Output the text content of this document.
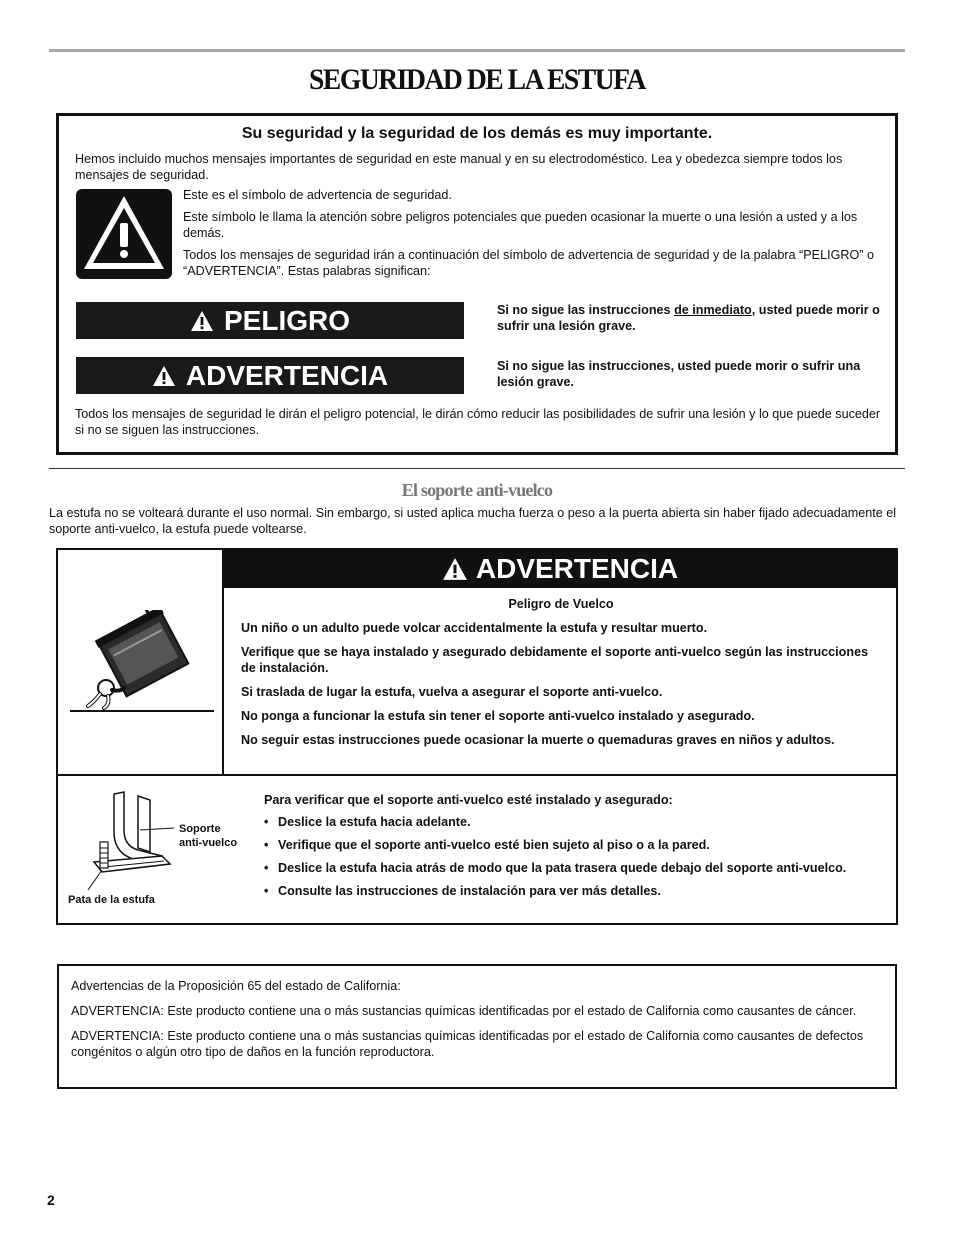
SEGURIDAD DE LA ESTUFA
Su seguridad y la seguridad de los demás es muy importante.
Hemos incluido muchos mensajes importantes de seguridad en este manual y en su electrodoméstico. Lea y obedezca siempre todos los mensajes de seguridad.

Este es el símbolo de advertencia de seguridad.

Este símbolo le llama la atención sobre peligros potenciales que pueden ocasionar la muerte o una lesión a usted y a los demás.

Todos los mensajes de seguridad irán a continuación del símbolo de advertencia de seguridad y de la palabra “PELIGRO” o “ADVERTENCIA”. Estas palabras significan:

PELIGRO	Si no sigue las instrucciones de inmediato, usted puede morir o sufrir una lesión grave.
ADVERTENCIA	Si no sigue las instrucciones, usted puede morir o sufrir una lesión grave.
Todos los mensajes de seguridad le dirán el peligro potencial, le dirán cómo reducir las posibilidades de sufrir una lesión y lo que puede suceder si no se siguen las instrucciones.
El soporte anti-vuelco
La estufa no se volteará durante el uso normal. Sin embargo, si usted aplica mucha fuerza o peso a la puerta abierta sin haber fijado adecuadamente el soporte anti-vuelco, la estufa puede voltearse.
ADVERTENCIA

Peligro de Vuelco

Un niño o un adulto puede volcar accidentalmente la estufa y resultar muerto.

Verifique que se haya instalado y asegurado debidamente el soporte anti-vuelco según las instrucciones de instalación.

Si traslada de lugar la estufa, vuelva a asegurar el soporte anti-vuelco.

No ponga a funcionar la estufa sin tener el soporte anti-vuelco instalado y asegurado.

No seguir estas instrucciones puede ocasionar la muerte o quemaduras graves en niños y adultos.

Soporte
anti-vuelco
Pata de la estufa

Para verificar que el soporte anti-vuelco esté instalado y asegurado:

• Deslice la estufa hacia adelante.
• Verifique que el soporte anti-vuelco esté bien sujeto al piso o a la pared.
• Deslice la estufa hacia atrás de modo que la pata trasera quede debajo del soporte anti-vuelco.
• Consulte las instrucciones de instalación para ver más detalles.

Advertencias de la Proposición 65 del estado de California:

ADVERTENCIA: Este producto contiene una o más sustancias químicas identificadas por el estado de California como causantes de cáncer.

ADVERTENCIA: Este producto contiene una o más sustancias químicas identificadas por el estado de California como causantes de defectos congénitos o algún otro tipo de daños en la función reproductora.

2
